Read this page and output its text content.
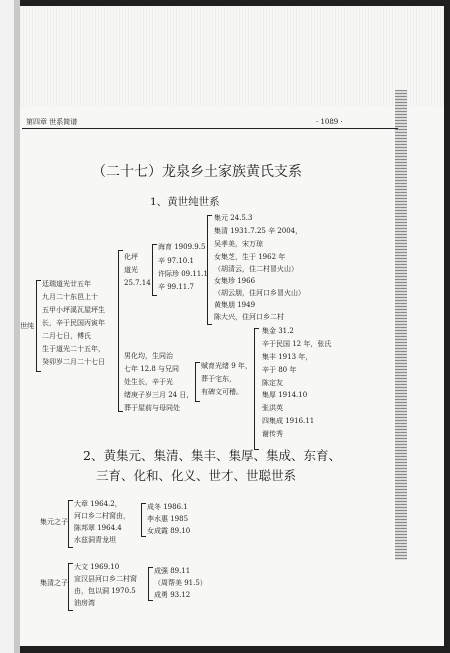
第四章 世系简谱	· 1089 ·
（二十七）龙泉乡土家族黄氏支系
1、黄世纯世系
世纯
廷瑞道光廿五年
九月二十东邑上十
五甲小坪溪瓦屋坪生
长，辛于民国丙寅年
二月七日，傅氏
生于道光二十五年，
癸卯岁二月二十七日
化坪
道光
25.7.14
海育 1909.9.5
辛 97.10.1
许际珍 09.11.1
辛 99.11.7
集元 24.5.3
集清 1931.7.25 辛 2004，
吴孝美，宋万琼
女集芝，生于 1962 年
（胡清云，住二村冒火山）
女集珍 1966
（胡云朋，住河口乡冒火山）
黄集朋 1949
陈大兴，住河口乡二村
男化均，生同治
七年 12.8 与兄同
处生长，辛于光
绪庚子岁三月 24 日，
葬于屋前与母同处
赋育光绪 9 年，
葬于宅东，
有碑文可稽。
集金 31.2
辛于民国 12 年，张氏
集丰 1913 年，
辛于 80 年
陈定友
集厚 1914.10
张洪英
四集成 1916.11
谢传秀
2、黄集元、集清、集丰、集厚、集成、东育、
三育、化和、化义、世才、世聪世系
集元之子
大章 1964.2，
河口乡二村窝由，
陈邦翠 1964.4
水兹洞青龙坦
成冬 1986.1
李水惠 1985
女成霞 89.10
集清之子
大文 1969.10
宣汉县河口乡二村窝
由，包以洞 1970.5
油房湾
成强 89.11
（周帮美 91.5）
成勇 93.12
